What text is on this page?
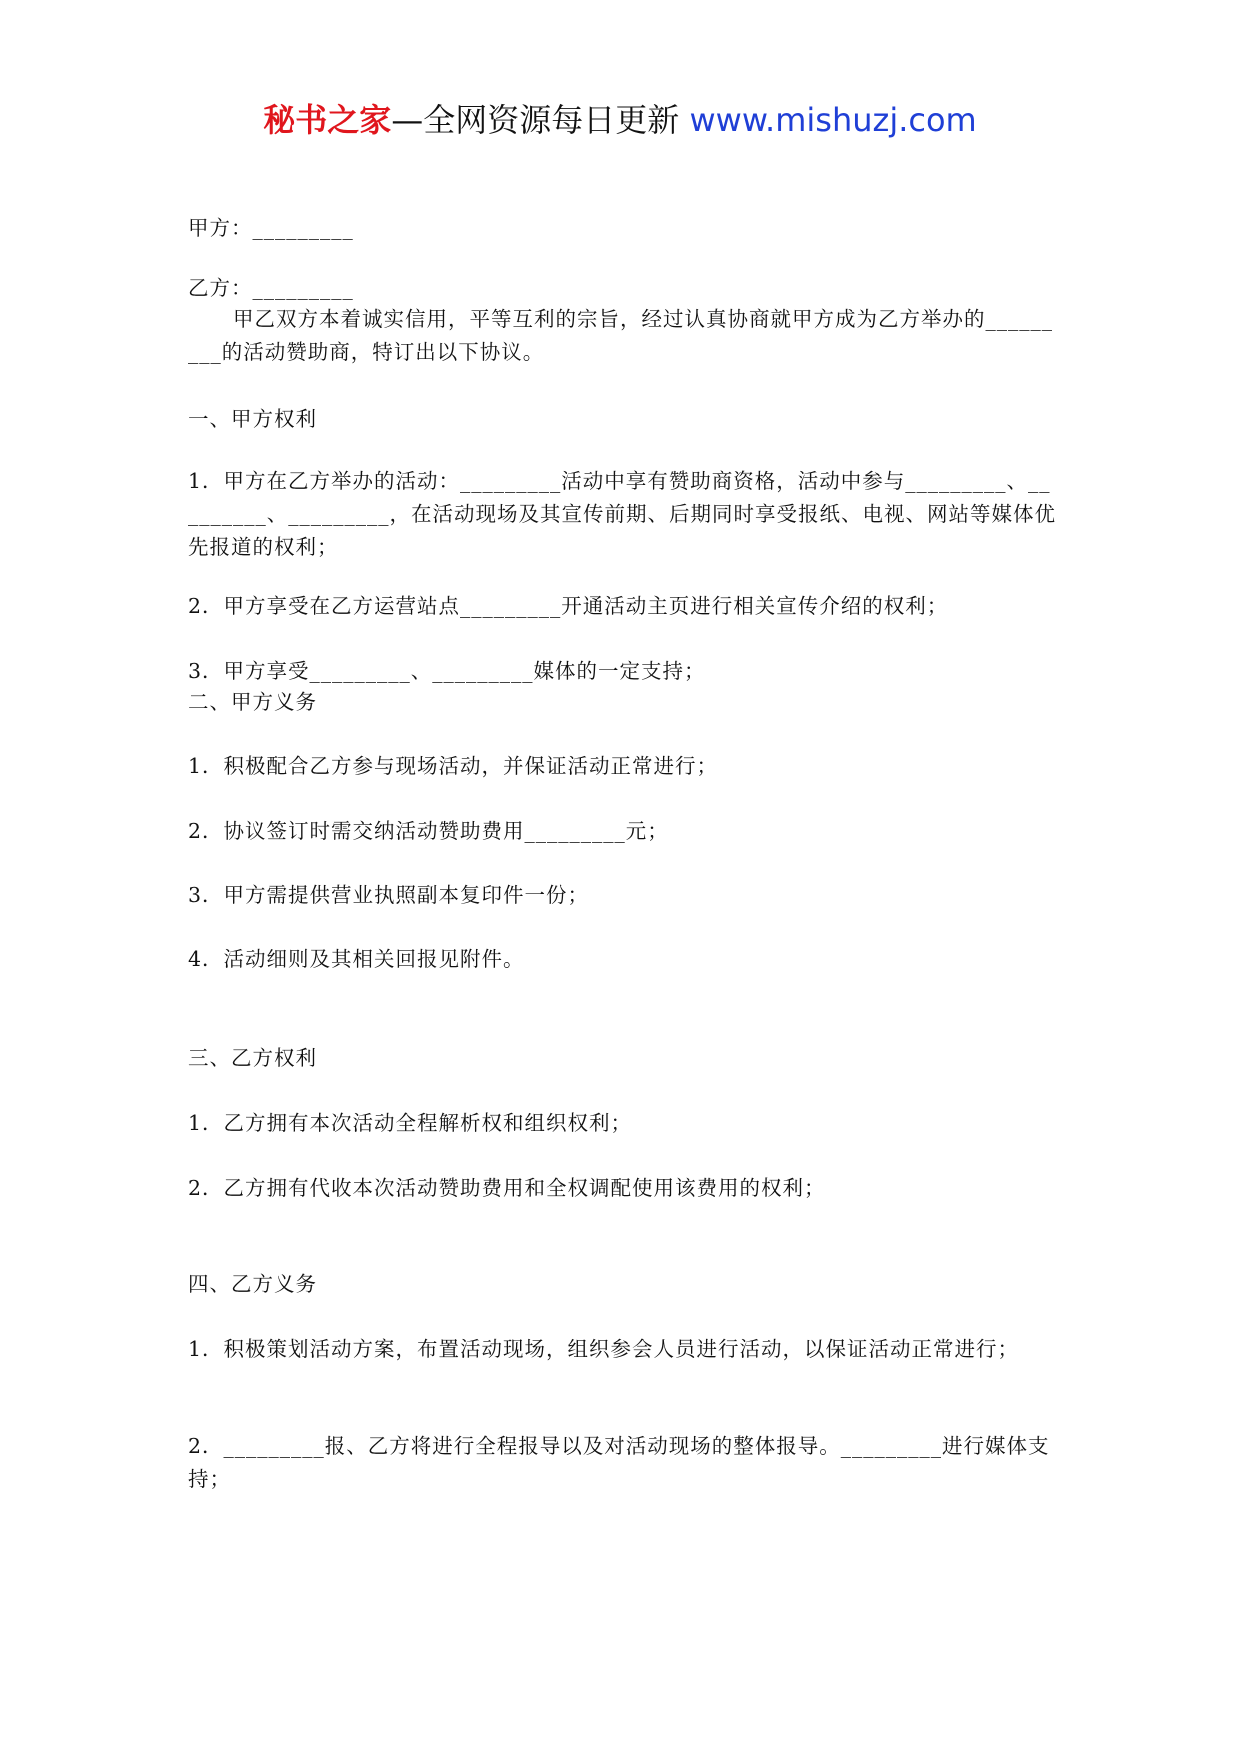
秘书之家—全网资源每日更新 www.mishuzj.com
甲方：_________
乙方：_________
甲乙双方本着诚实信用，平等互利的宗旨，经过认真协商就甲方成为乙方举办的_________的活动赞助商，特订出以下协议。
一、甲方权利
1．甲方在乙方举办的活动：_________活动中享有赞助商资格，活动中参与_________、_________、_________，在活动现场及其宣传前期、后期同时享受报纸、电视、网站等媒体优先报道的权利；
2．甲方享受在乙方运营站点_________开通活动主页进行相关宣传介绍的权利；
3．甲方享受_________、_________媒体的一定支持；
二、甲方义务
1．积极配合乙方参与现场活动，并保证活动正常进行；
2．协议签订时需交纳活动赞助费用_________元；
3．甲方需提供营业执照副本复印件一份；
4．活动细则及其相关回报见附件。
三、乙方权利
1．乙方拥有本次活动全程解析权和组织权利；
2．乙方拥有代收本次活动赞助费用和全权调配使用该费用的权利；
四、乙方义务
1．积极策划活动方案，布置活动现场，组织参会人员进行活动，以保证活动正常进行；
2．_________报、乙方将进行全程报导以及对活动现场的整体报导。_________进行媒体支持；
